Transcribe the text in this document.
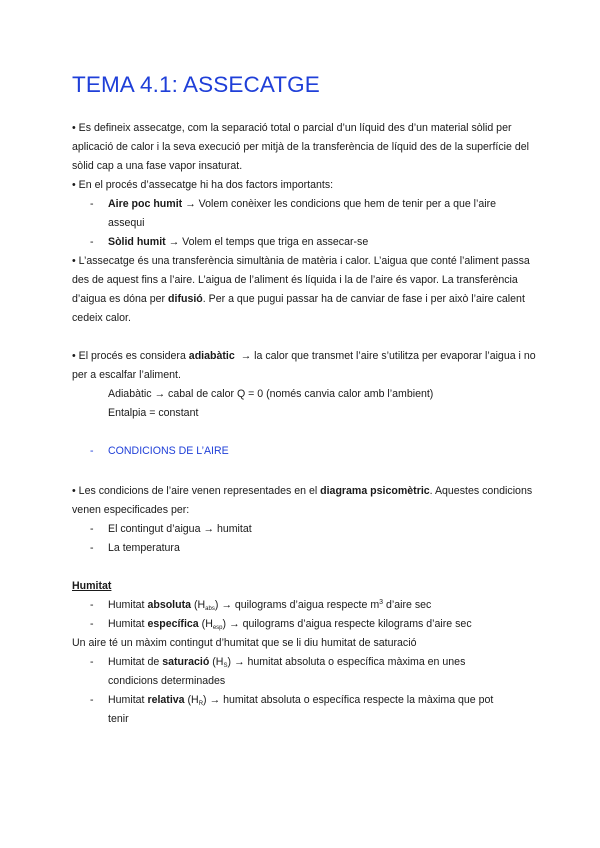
TEMA 4.1: ASSECATGE
• Es defineix assecatge, com la separació total o parcial d’un líquid des d’un material sòlid per aplicació de calor i la seva execució per mitjà de la transferència de líquid des de la superfície del sòlid cap a una fase vapor insaturat.
• En el procés d’assecatge hi ha dos factors importants:
- Aire poc humit → Volem conèixer les condicions que hem de tenir per a que l’aire
assequi
- Sòlid humit → Volem el temps que triga en assecar-se
• L’assecatge és una transferència simultània de matèria i calor. L’aigua que conté l’aliment passa des de aquest fins a l’aire. L’aigua de l’aliment és líquida i la de l’aire és vapor. La transferència d’aigua es dóna per difusió. Per a que pugui passar ha de canviar de fase i per això l’aire calent cedeix calor.
• El procés es considera adiabàtic → la calor que transmet l’aire s’utilitza per evaporar l’aigua i no per a escalfar l’aliment.
Adiabàtic → cabal de calor Q = 0 (només canvia calor amb l’ambient)
Entalpia = constant
- CONDICIONS DE L’AIRE
• Les condicions de l’aire venen representades en el diagrama psicomètric. Aquestes condicions venen especificades per:
- El contingut d’aigua → humitat
- La temperatura
Humitat
- Humitat absoluta $(H_{abs})$ → quilograms d’aigua respecte $m^3$ d’aire sec
- Humitat específica $(H_{esp})$ → quilograms d’aigua respecte kilograms d’aire sec
Un aire té un màxim contingut d’humitat que se li diu humitat de saturació
- Humitat de saturació $(H_S)$ → humitat absoluta o específica màxima en unes
condicions determinades
- Humitat relativa $(H_R)$ → humitat absoluta o específica respecte la màxima que pot
tenir
